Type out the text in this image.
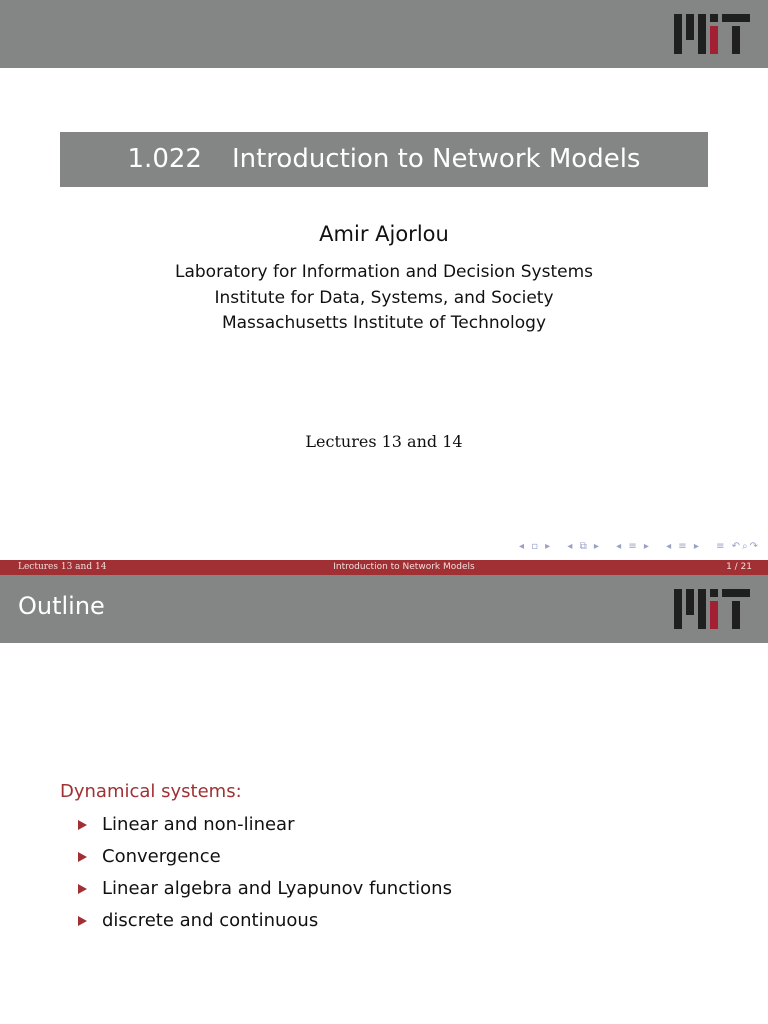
1.022 Introduction to Network Models
Amir Ajorlou
Laboratory for Information and Decision Systems
Institute for Data, Systems, and Society
Massachusetts Institute of Technology
Lectures 13 and 14
◂ ▫ ▸ ◂ ⧉ ▸ ◂ ≡ ▸ ◂ ≡ ▸ ≡ ↶⌕↷
Lectures 13 and 14	Introduction to Network Models	1 / 21
Outline
Dynamical systems:
Linear and non-linear
Convergence
Linear algebra and Lyapunov functions
discrete and continuous
